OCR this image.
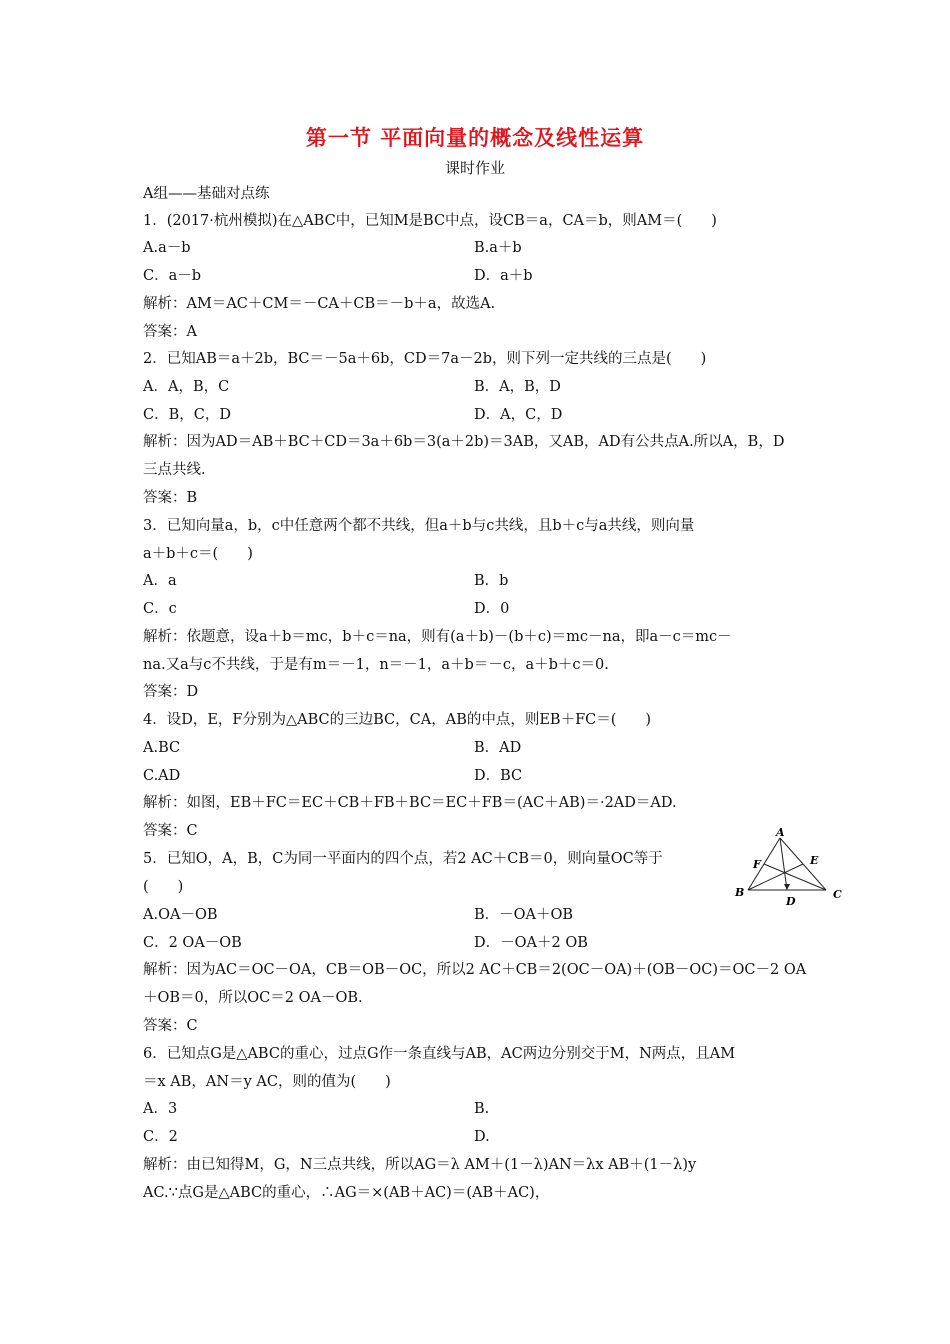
第一节 平面向量的概念及线性运算
课时作业
A组——基础对点练
1．(2017·杭州模拟)在△ABC中，已知M是BC中点，设CB＝a，CA＝b，则AM＝(　　)
A.a－b	B.a＋b
C．a－b	D．a＋b
解析：AM＝AC＋CM＝－CA＋CB＝－b＋a，故选A.
答案：A
2．已知AB＝a＋2b，BC＝－5a＋6b，CD＝7a－2b，则下列一定共线的三点是(　　)
A．A，B，C	B．A，B，D
C．B，C，D	D．A，C，D
解析：因为AD＝AB＋BC＋CD＝3a＋6b＝3(a＋2b)＝3AB，又AB，AD有公共点A.所以A，B，D
三点共线.
答案：B
3．已知向量a，b，c中任意两个都不共线，但a＋b与c共线，且b＋c与a共线，则向量
a＋b＋c＝(　　)
A．a	B．b
C．c	D．0
解析：依题意，设a＋b＝mc，b＋c＝na，则有(a＋b)－(b＋c)＝mc－na，即a－c＝mc－
na.又a与c不共线，于是有m＝－1，n＝－1，a＋b＝－c，a＋b＋c＝0.
答案：D
4．设D，E，F分别为△ABC的三边BC，CA，AB的中点，则EB＋FC＝(　　)
A.BC	B．AD
C.AD	D．BC
解析：如图，EB＋FC＝EC＋CB＋FB＋BC＝EC＋FB＝(AC＋AB)＝·2AD＝AD.
答案：C	A
B	C
D
E
F
5．已知O，A，B，C为同一平面内的四个点，若2 AC＋CB＝0，则向量OC等于
(　　)
A.OA－OB	B．－OA＋OB
C．2 OA－OB	D．－OA＋2 OB
解析：因为AC＝OC－OA，CB＝OB－OC，所以2 AC＋CB＝2(OC－OA)＋(OB－OC)＝OC－2 OA
＋OB＝0，所以OC＝2 OA－OB.
答案：C
6．已知点G是△ABC的重心，过点G作一条直线与AB，AC两边分别交于M，N两点，且AM
＝x AB，AN＝y AC，则的值为(　　)
A．3	B.
C．2	D.
解析：由已知得M，G，N三点共线，所以AG＝λ AM＋(1－λ)AN＝λx AB＋(1－λ)y
AC.∵点G是△ABC的重心，∴AG＝×(AB＋AC)＝(AB＋AC)，
